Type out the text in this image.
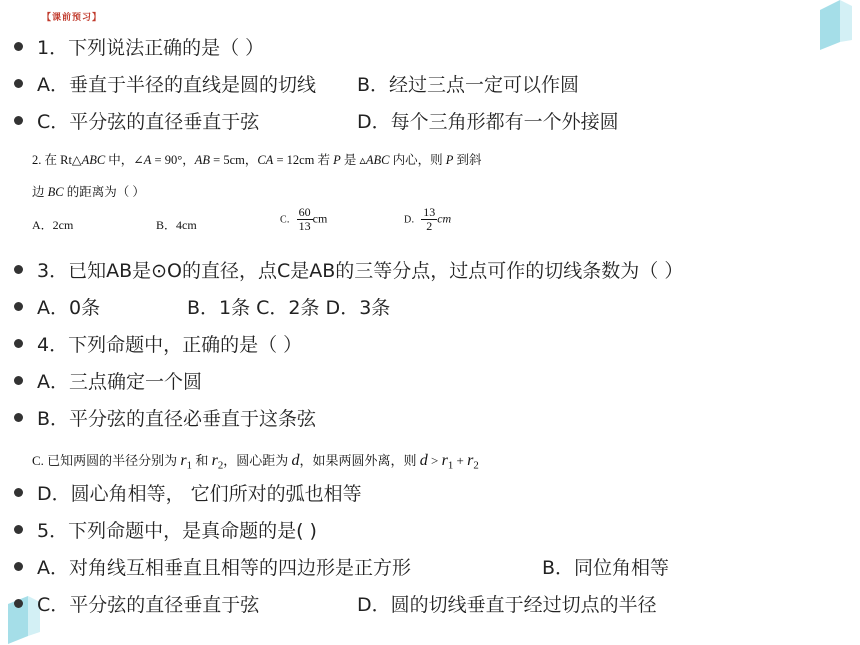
【课前预习】
1．下列说法正确的是（ ）
A．垂直于半径的直线是圆的切线 B．经过三点一定可以作圆
C．平分弦的直径垂直于弦	D．每个三角形都有一个外接圆
2. 在 Rt△ABC 中，∠A = 90°，AB = 5cm，CA = 12cm 若 P 是 ▵ABC 内心，则 P 到斜
边 BC 的距离为（ ）
A．2cm	B．4cm	C． $\frac{60}{13}$ cm	D． $\frac{13}{2}$ cm
3．已知AB是⊙O的直径，点C是AB的三等分点，过点可作的切线条数为（ ）
A．0条	B．1条 C．2条 D．3条
4．下列命题中，正确的是（ ）
A．三点确定一个圆
B．平分弦的直径必垂直于这条弦
C. 已知两圆的半径分别为 $r_1$ 和 $r_2$，圆心距为 d，如果两圆外离，则 $d > r_1 + r_2$
D．圆心角相等， 它们所对的弧也相等
5．下列命题中，是真命题的是( )
A．对角线互相垂直且相等的四边形是正方形	B．同位角相等
C．平分弦的直径垂直于弦	D．圆的切线垂直于经过切点的半径
